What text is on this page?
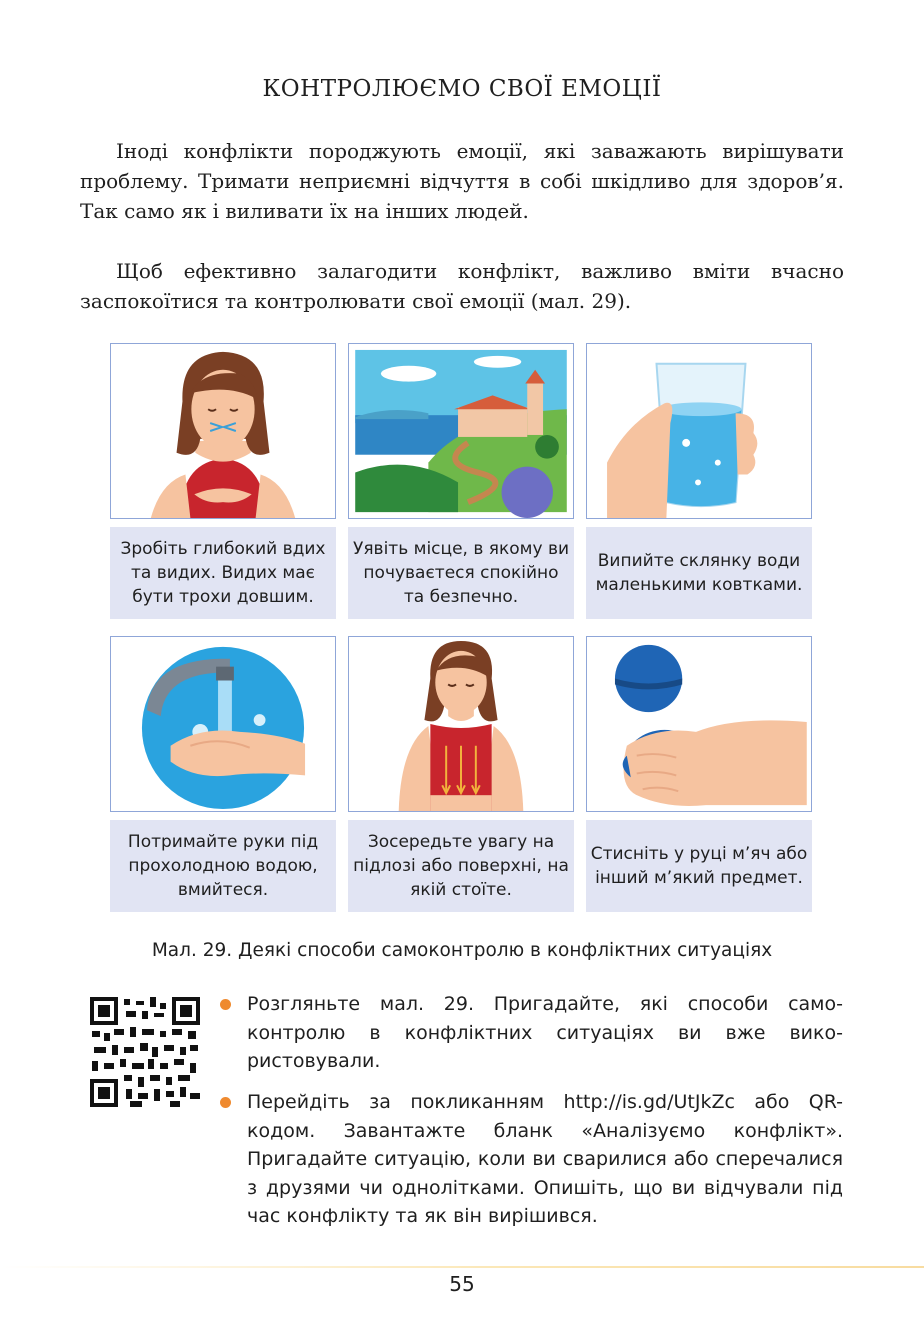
КОНТРОЛЮЄМО СВОЇ ЕМОЦІЇ

Іноді конфлікти породжують емоції, які заважають вирішувати проблему. Тримати неприємні відчуття в собі шкідливо для здоров’я. Так само як і виливати їх на інших людей.

Щоб ефективно залагодити конфлікт, важливо вміти вчасно заспокоїтися та контролювати свої емоції (мал. 29).

Зробіть глибокий вдих та видих. Видих має бути трохи довшим.
Уявіть місце, в якому ви почуваєтеся спокійно та безпечно.
Випийте склянку води маленькими ковтками.
Потримайте руки під прохолодною водою, вмийтеся.
Зосередьте увагу на підлозі або поверхні, на якій стоїте.
Стисніть у руці м’яч або інший м’який предмет.
Мал. 29. Деякі способи самоконтролю в конфліктних ситуаціях
Розгляньте мал. 29. Пригадайте, які способи самоконтролю в конфліктних ситуаціях ви вже використовували.
Перейдіть за покликанням http://is.gd/UtJkZc або QR-кодом. Завантажте бланк «Аналізуємо конфлікт». Пригадайте ситуацію, коли ви сварилися або сперечалися з друзями чи однолітками. Опишіть, що ви відчували під час конфлікту та як він вирішився.
55
